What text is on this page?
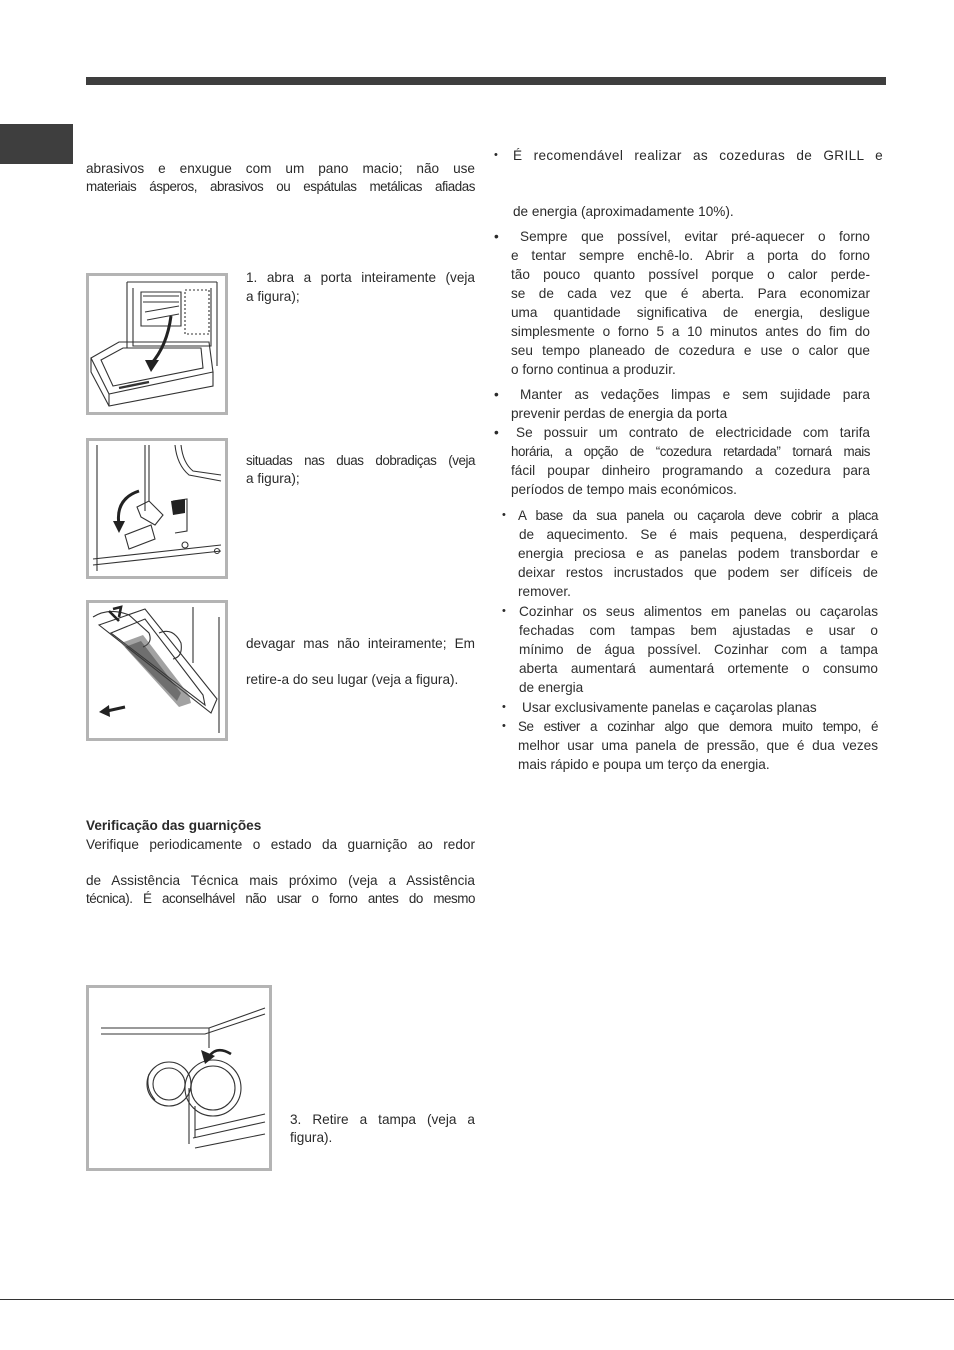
abrasivos e enxugue com um pano macio; não use
materiais ásperos, abrasivos ou espátulas metálicas afiadas
1. abra a porta inteiramente (veja
a figura);
situadas nas duas dobradiças (veja
a figura);
devagar mas não inteiramente; Em
retire-a do seu lugar (veja a figura).
Verificação das guarnições
Verifique periodicamente o estado da guarnição ao redor
de Assistência Técnica mais próximo (veja a Assistência
técnica). É aconselhável não usar o forno antes do mesmo
3. Retire a tampa (veja a
figura).
• É recomendável realizar as cozeduras de GRILL e
de energia (aproximadamente 10%).
•	Sempre que possível, evitar pré-aquecer o forno
e tentar sempre enchê-lo. Abrir a porta do forno
tão pouco quanto possível porque o calor perde-
se de cada vez que é aberta. Para economizar
uma quantidade significativa de energia, desligue
simplesmente o forno 5 a 10 minutos antes do fim do
seu tempo planeado de cozedura e use o calor que
o forno continua a produzir.
•	Manter as vedações limpas e sem sujidade para
prevenir perdas de energia da porta
•	Se possuir um contrato de electricidade com tarifa
horária, a opção de “cozedura retardada” tornará mais
fácil poupar dinheiro programando a cozedura para
períodos de tempo mais económicos.
• A base da sua panela ou caçarola deve cobrir a placa
de aquecimento. Se é mais pequena, desperdiçará
energia preciosa e as panelas podem transbordar e
deixar restos incrustados que podem ser difíceis de
remover.
• Cozinhar os seus alimentos em panelas ou caçarolas
fechadas com tampas bem ajustadas e usar o
mínimo de água possível. Cozinhar com a tampa
aberta aumentará aumentará ortemente o consumo
de energia
• Usar exclusivamente panelas e caçarolas planas
• Se estiver a cozinhar algo que demora muito tempo, é
melhor usar uma panela de pressão, que é dua vezes
mais rápido e poupa um terço da energia.
